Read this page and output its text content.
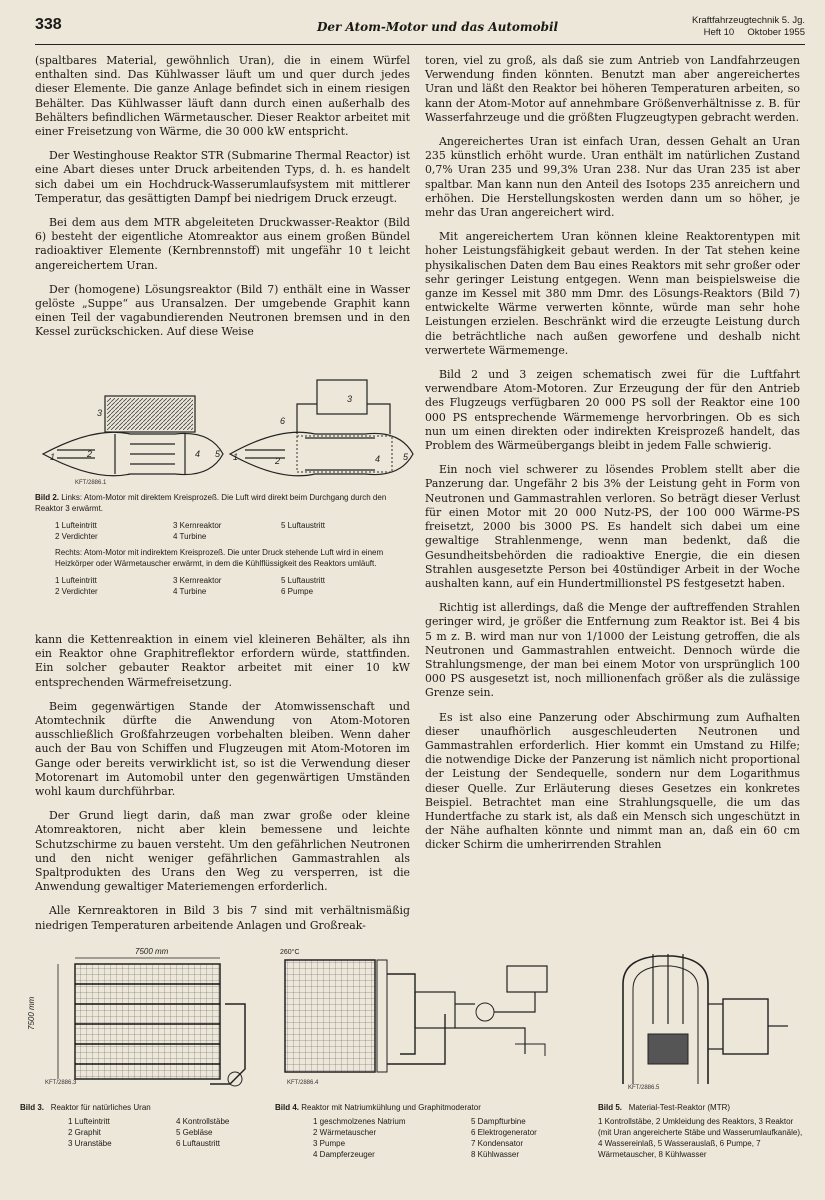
338	Der Atom-Motor und das Automobil	Kraftfahrzeugtechnik 5. Jg.
Heft 10 Oktober 1955

(spaltbares Material, gewöhnlich Uran), die in einem Würfel enthalten sind. Das Kühlwasser läuft um und quer durch jedes dieser Elemente. Die ganze Anlage befindet sich in einem riesigen Behälter. Das Kühlwasser läuft dann durch einen außerhalb des Behälters befindlichen Wärmetauscher. Dieser Reaktor arbeitet mit einer Freisetzung von Wärme, die 30 000 kW entspricht.

Der Westinghouse Reaktor STR (Submarine Thermal Reactor) ist eine Abart dieses unter Druck arbeitenden Typs, d. h. es handelt sich dabei um ein Hochdruck-Wasserumlaufsystem mit mittlerer Temperatur, das gesättigten Dampf bei niedrigem Druck erzeugt.

Bei dem aus dem MTR abgeleiteten Druckwasser-Reaktor (Bild 6) besteht der eigentliche Atomreaktor aus einem großen Bündel radioaktiver Elemente (Kernbrennstoff) mit ungefähr 10 t leicht angereichertem Uran.

Der (homogene) Lösungsreaktor (Bild 7) enthält eine in Wasser gelöste „Suppe“ aus Uransalzen. Der umgebende Graphit kann einen Teil der vagabundierenden Neutronen bremsen und in den Kessel zurückschicken. Auf diese Weise

3
1	2	4 5
3
1	2	4	5
6
KFT/2886.1
Bild 2. Links: Atom-Motor mit direktem Kreisprozeß. Die Luft wird direkt beim Durchgang durch den Reaktor 3 erwärmt.
1 Lufteintritt	3 Kernreaktor	5 Luftaustritt
2 Verdichter	4 Turbine
Rechts: Atom-Motor mit indirektem Kreisprozeß. Die unter Druck stehende Luft wird in einem Heizkörper oder Wärmetauscher erwärmt, in dem die Kühlflüssigkeit des Reaktors umläuft.
1 Lufteintritt	3 Kernreaktor	5 Luftaustritt
2 Verdichter	4 Turbine	6 Pumpe

kann die Kettenreaktion in einem viel kleineren Behälter, als ihn ein Reaktor ohne Graphitreflektor erfordern würde, stattfinden. Ein solcher gebauter Reaktor arbeitet mit einer 10 kW entsprechenden Wärmefreisetzung.

Beim gegenwärtigen Stande der Atomwissenschaft und Atomtechnik dürfte die Anwendung von Atom-Motoren ausschließlich Großfahrzeugen vorbehalten bleiben. Wenn daher auch der Bau von Schiffen und Flugzeugen mit Atom-Motoren im Gange oder bereits verwirklicht ist, so ist die Verwendung dieser Motorenart im Automobil unter den gegenwärtigen Umständen wohl kaum durchführbar.

Der Grund liegt darin, daß man zwar große oder kleine Atomreaktoren, nicht aber klein bemessene und leichte Schutzschirme zu bauen versteht. Um den gefährlichen Neutronen und den nicht weniger gefährlichen Gammastrahlen als Spaltprodukten des Urans den Weg zu versperren, ist die Anwendung gewaltiger Materiemengen erforderlich.

Alle Kernreaktoren in Bild 3 bis 7 sind mit verhältnismäßig niedrigen Temperaturen arbeitende Anlagen und Großreak-

toren, viel zu groß, als daß sie zum Antrieb von Landfahrzeugen Verwendung finden könnten. Benutzt man aber angereichertes Uran und läßt den Reaktor bei höheren Temperaturen arbeiten, so kann der Atom-Motor auf annehmbare Größenverhältnisse z. B. für Wasserfahrzeuge und die größten Flugzeugtypen gebracht werden.

Angereichertes Uran ist einfach Uran, dessen Gehalt an Uran 235 künstlich erhöht wurde. Uran enthält im natürlichen Zustand 0,7% Uran 235 und 99,3% Uran 238. Nur das Uran 235 ist aber spaltbar. Man kann nun den Anteil des Isotops 235 anreichern und erhöhen. Die Herstellungskosten werden dann um so höher, je mehr das Uran angereichert wird.

Mit angereichertem Uran können kleine Reaktorentypen mit hoher Leistungsfähigkeit gebaut werden. In der Tat stehen keine physikalischen Daten dem Bau eines Reaktors mit sehr großer oder sehr geringer Leistung entgegen. Wenn man beispielsweise die ganze im Kessel mit 380 mm Dmr. des Lösungs-Reaktors (Bild 7) entwickelte Wärme verwerten könnte, würde man sehr hohe Leistungen erzielen. Beschränkt wird die erzeugte Leistung durch die beträchtliche nach außen geworfene und deshalb nicht verwertete Wärmemenge.

Bild 2 und 3 zeigen schematisch zwei für die Luftfahrt verwendbare Atom-Motoren. Zur Erzeugung der für den Antrieb des Flugzeugs verfügbaren 20 000 PS soll der Reaktor eine 100 000 PS entsprechende Wärmemenge hervorbringen. Ob es sich nun um einen direkten oder indirekten Kreisprozeß handelt, das Problem des Wärmeübergangs bleibt in jedem Falle schwierig.

Ein noch viel schwerer zu lösendes Problem stellt aber die Panzerung dar. Ungefähr 2 bis 3% der Leistung geht in Form von Neutronen und Gammastrahlen verloren. So beträgt dieser Verlust für einen Motor mit 20 000 Nutz-PS, der 100 000 Wärme-PS freisetzt, 2000 bis 3000 PS. Es handelt sich dabei um eine gewaltige Strahlenmenge, wenn man bedenkt, daß die Gesundheitsbehörden die radioaktive Energie, die ein diesen Strahlen ausgesetzte Person bei 40stündiger Arbeit in der Woche aushalten kann, auf ein Hundertmillionstel PS festgesetzt haben.

Richtig ist allerdings, daß die Menge der auftreffenden Strahlen geringer wird, je größer die Entfernung zum Reaktor ist. Bei 4 bis 5 m z. B. wird man nur von 1/1000 der Leistung getroffen, die als Neutronen und Gammastrahlen entweicht. Dennoch würde die Strahlungsmenge, der man bei einem Motor von ursprünglich 100 000 PS ausgesetzt ist, noch millionenfach größer als die zulässige Grenze sein.

Es ist also eine Panzerung oder Abschirmung zum Aufhalten dieser unaufhörlich ausgeschleuderten Neutronen und Gammastrahlen erforderlich. Hier kommt ein Umstand zu Hilfe; die notwendige Dicke der Panzerung ist nämlich nicht proportional der Leistung der Sendequelle, sondern nur dem Logarithmus dieser Quelle. Zur Erläuterung dieses Gesetzes ein konkretes Beispiel. Betrachtet man eine Strahlungsquelle, die um das Hundertfache zu stark ist, als daß ein Mensch sich ungeschützt in der Nähe aufhalten könnte und nimmt man an, daß ein 60 cm dicker Schirm die umherirrenden Strahlen

7500 mm
7500 mm
KFT/2886.3
Bild 3. Reaktor für natürliches Uran
1 Lufteintritt	4 Kontrollstäbe
2 Graphit	5 Gebläse
3 Uranstäbe	6 Luftaustritt
260°C
KFT/2886.4
Bild 4. Reaktor mit Natriumkühlung und Graphitmoderator
1 geschmolzenes Natrium	5 Dampfturbine
2 Wärmetauscher	6 Elektrogenerator
3 Pumpe	7 Kondensator
4 Dampferzeuger	8 Kühlwasser
KFT/2886.5
Bild 5. Material-Test-Reaktor (MTR)
1 Kontrollstäbe, 2 Umkleidung des Reaktors, 3 Reaktor (mit Uran angereicherte Stäbe und Wasserumlaufkanäle), 4 Wassereinlaß, 5 Wasserauslaß, 6 Pumpe, 7 Wärmetauscher, 8 Kühlwasser
